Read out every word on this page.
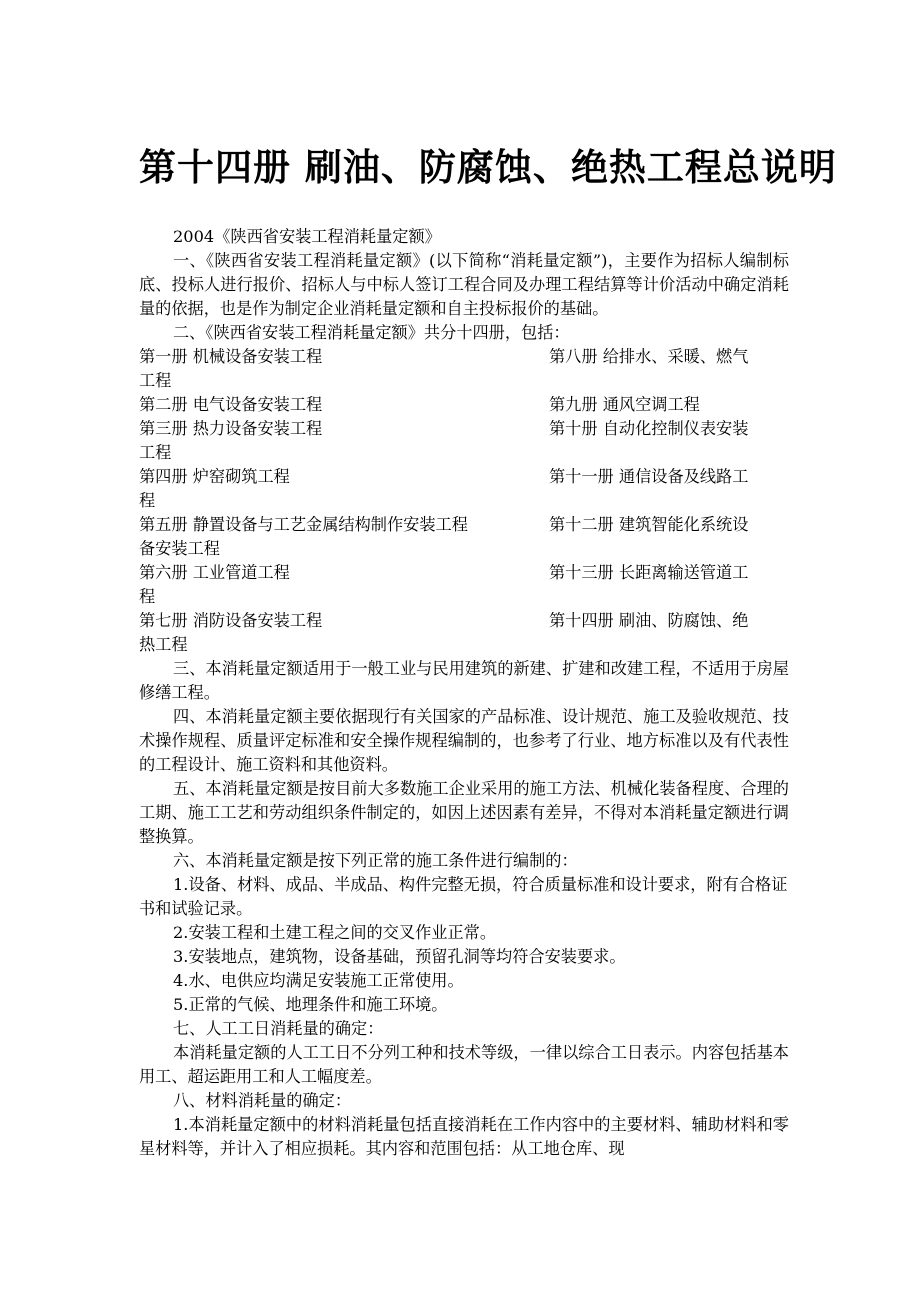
第十四册 刷油、防腐蚀、绝热工程总说明

2004《陕西省安装工程消耗量定额》

一、《陕西省安装工程消耗量定额》(以下简称“消耗量定额”)，主要作为招标人编制标底、投标人进行报价、招标人与中标人签订工程合同及办理工程结算等计价活动中确定消耗量的依据，也是作为制定企业消耗量定额和自主投标报价的基础。

二、《陕西省安装工程消耗量定额》共分十四册，包括：

第一册 机械设备安装工程	第八册 给排水、采暖、燃气

工程

第二册 电气设备安装工程	第九册 通风空调工程
第三册 热力设备安装工程	第十册 自动化控制仪表安装

工程

第四册 炉窑砌筑工程	第十一册 通信设备及线路工

程

第五册 静置设备与工艺金属结构制作安装工程	第十二册 建筑智能化系统设

备安装工程

第六册 工业管道工程	第十三册 长距离输送管道工

程

第七册 消防设备安装工程	第十四册 刷油、防腐蚀、绝

热工程

三、本消耗量定额适用于一般工业与民用建筑的新建、扩建和改建工程，不适用于房屋修缮工程。

四、本消耗量定额主要依据现行有关国家的产品标准、设计规范、施工及验收规范、技术操作规程、质量评定标准和安全操作规程编制的，也参考了行业、地方标准以及有代表性的工程设计、施工资料和其他资料。

五、本消耗量定额是按目前大多数施工企业采用的施工方法、机械化装备程度、合理的工期、施工工艺和劳动组织条件制定的，如因上述因素有差异，不得对本消耗量定额进行调整换算。

六、本消耗量定额是按下列正常的施工条件进行编制的：

1.设备、材料、成品、半成品、构件完整无损，符合质量标准和设计要求，附有合格证书和试验记录。

2.安装工程和土建工程之间的交叉作业正常。

3.安装地点，建筑物，设备基础，预留孔洞等均符合安装要求。

4.水、电供应均满足安装施工正常使用。

5.正常的气候、地理条件和施工环境。

七、人工工日消耗量的确定：

本消耗量定额的人工工日不分列工种和技术等级，一律以综合工日表示。内容包括基本用工、超运距用工和人工幅度差。

八、材料消耗量的确定：

1.本消耗量定额中的材料消耗量包括直接消耗在工作内容中的主要材料、辅助材料和零星材料等，并计入了相应损耗。其内容和范围包括：从工地仓库、现
